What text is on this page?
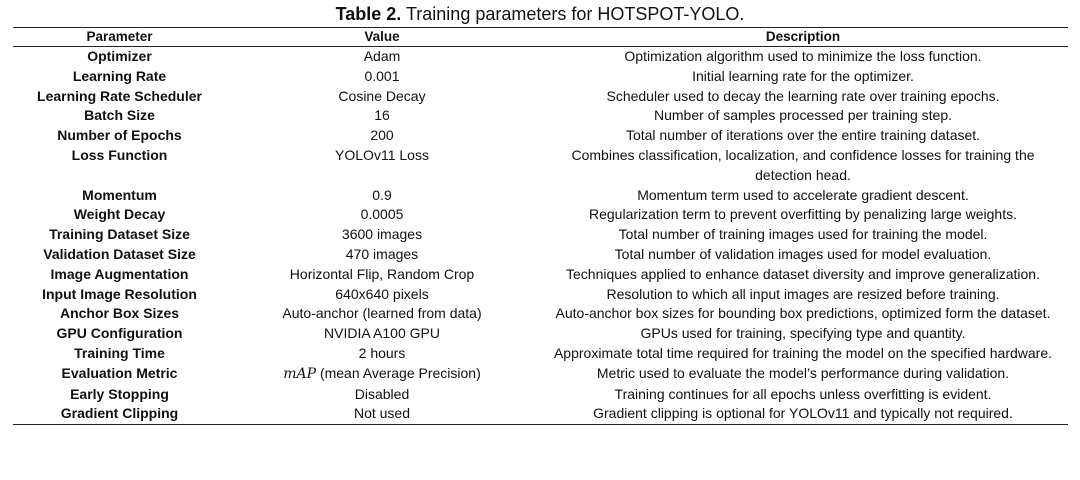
Table 2. Training parameters for HOTSPOT-YOLO.
Parameter	Value	Description
Optimizer	Adam	Optimization algorithm used to minimize the loss function.
Learning Rate	0.001	Initial learning rate for the optimizer.
Learning Rate Scheduler	Cosine Decay	Scheduler used to decay the learning rate over training epochs.
Batch Size	16	Number of samples processed per training step.
Number of Epochs	200	Total number of iterations over the entire training dataset.
Loss Function	YOLOv11 Loss	Combines classification, localization, and confidence losses for training the detection head.
Momentum	0.9	Momentum term used to accelerate gradient descent.
Weight Decay	0.0005	Regularization term to prevent overfitting by penalizing large weights.
Training Dataset Size	3600 images	Total number of training images used for training the model.
Validation Dataset Size	470 images	Total number of validation images used for model evaluation.
Image Augmentation	Horizontal Flip, Random Crop	Techniques applied to enhance dataset diversity and improve generalization.
Input Image Resolution	640x640 pixels	Resolution to which all input images are resized before training.
Anchor Box Sizes	Auto-anchor (learned from data)	Auto-anchor box sizes for bounding box predictions, optimized form the dataset.
GPU Configuration	NVIDIA A100 GPU	GPUs used for training, specifying type and quantity.
Training Time	2 hours	Approximate total time required for training the model on the specified hardware.
Evaluation Metric	mAP (mean Average Precision)	Metric used to evaluate the model’s performance during validation.
Early Stopping	Disabled	Training continues for all epochs unless overfitting is evident.
Gradient Clipping	Not used	Gradient clipping is optional for YOLOv11 and typically not required.
